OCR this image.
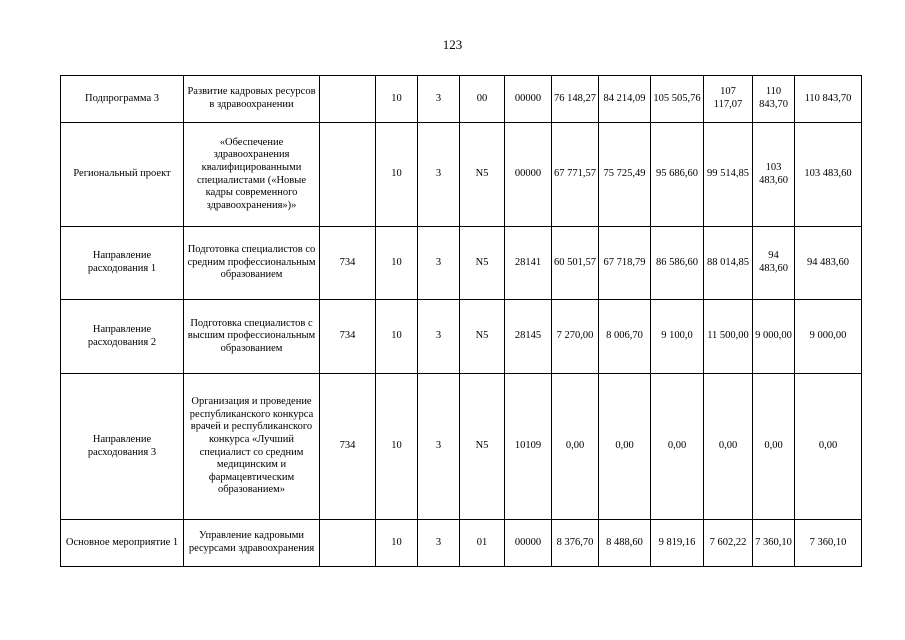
123
Подпрограмма 3	Развитие кадровых ресурсов в здравоохранении		10	3	00	00000	76 148,27	84 214,09	105 505,76	107 117,07	110 843,70	110 843,70
Региональный проект	«Обеспечение здравоохранения квалифицированными специалистами («Новые кадры современного здравоохранения»)»		10	3	N5	00000	67 771,57	75 725,49	95 686,60	99 514,85	103 483,60	103 483,60
Направление расходования 1	Подготовка специалистов со средним профессиональным образованием	734	10	3	N5	28141	60 501,57	67 718,79	86 586,60	88 014,85	94 483,60	94 483,60
Направление расходования 2	Подготовка специалистов с высшим профессиональным образованием	734	10	3	N5	28145	7 270,00	8 006,70	9 100,0	11 500,00	9 000,00	9 000,00
Направление расходования 3	Организация и проведение республиканского конкурса врачей и республиканского конкурса «Лучший специалист со средним медицинским и фармацевтическим образованием»	734	10	3	N5	10109	0,00	0,00	0,00	0,00	0,00	0,00
Основное мероприятие 1	Управление кадровыми ресурсами здравоохранения		10	3	01	00000	8 376,70	8 488,60	9 819,16	7 602,22	7 360,10	7 360,10
